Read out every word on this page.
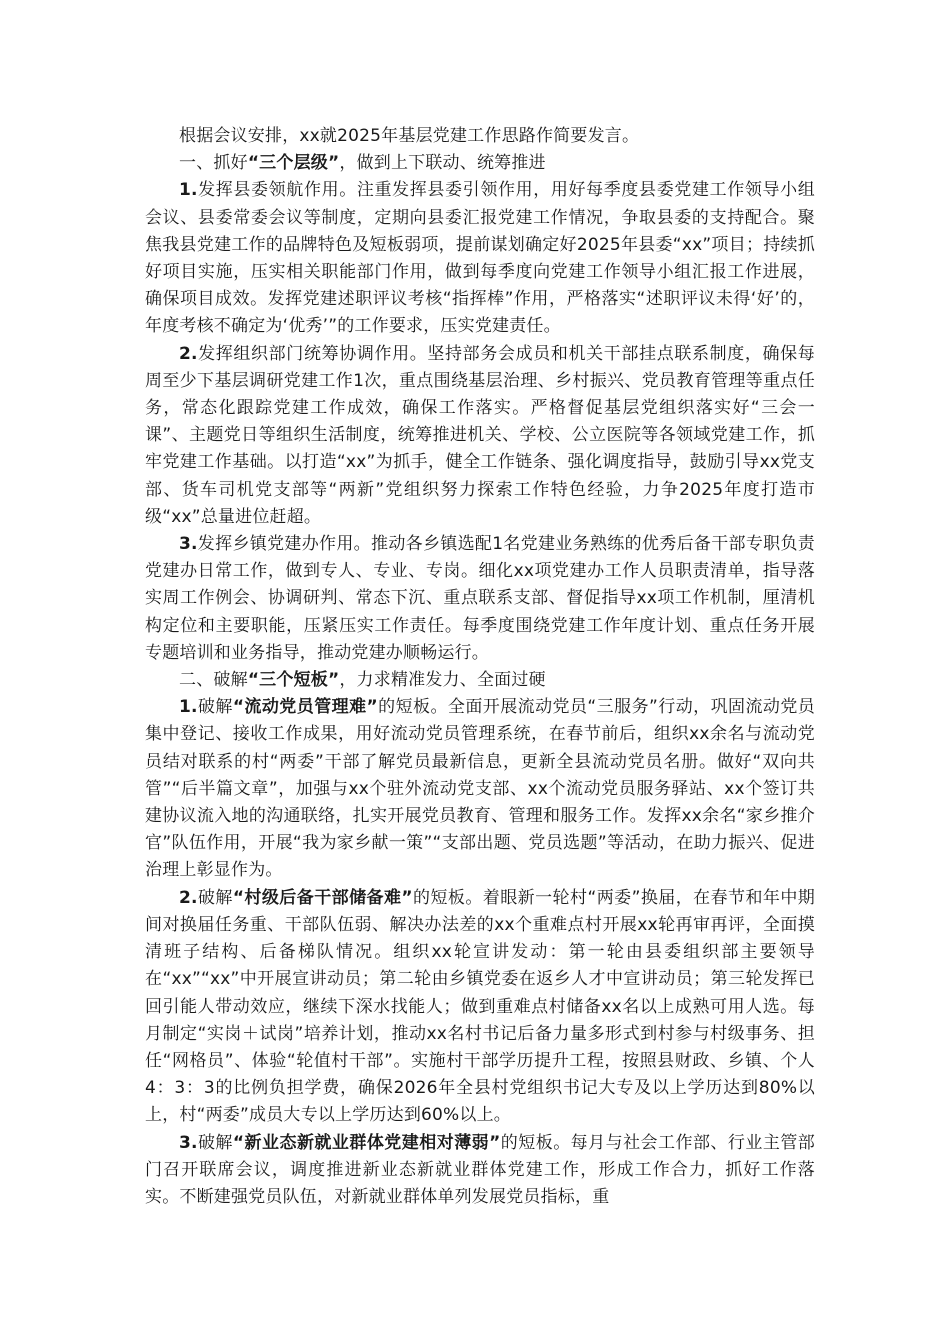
根据会议安排，xx就2025年基层党建工作思路作简要发言。

一、抓好“三个层级”，做到上下联动、统筹推进

1.发挥县委领航作用。注重发挥县委引领作用，用好每季度县委党建工作领导小组会议、县委常委会议等制度，定期向县委汇报党建工作情况，争取县委的支持配合。聚焦我县党建工作的品牌特色及短板弱项，提前谋划确定好2025年县委“xx”项目；持续抓好项目实施，压实相关职能部门作用，做到每季度向党建工作领导小组汇报工作进展，确保项目成效。发挥党建述职评议考核“指挥棒”作用，严格落实“述职评议未得‘好’的，年度考核不确定为‘优秀’”的工作要求，压实党建责任。

2.发挥组织部门统筹协调作用。坚持部务会成员和机关干部挂点联系制度，确保每周至少下基层调研党建工作1次，重点围绕基层治理、乡村振兴、党员教育管理等重点任务，常态化跟踪党建工作成效，确保工作落实。严格督促基层党组织落实好“三会一课”、主题党日等组织生活制度，统筹推进机关、学校、公立医院等各领域党建工作，抓牢党建工作基础。以打造“xx”为抓手，健全工作链条、强化调度指导，鼓励引导xx党支部、货车司机党支部等“两新”党组织努力探索工作特色经验，力争2025年度打造市级“xx”总量进位赶超。

3.发挥乡镇党建办作用。推动各乡镇选配1名党建业务熟练的优秀后备干部专职负责党建办日常工作，做到专人、专业、专岗。细化xx项党建办工作人员职责清单，指导落实周工作例会、协调研判、常态下沉、重点联系支部、督促指导xx项工作机制，厘清机构定位和主要职能，压紧压实工作责任。每季度围绕党建工作年度计划、重点任务开展专题培训和业务指导，推动党建办顺畅运行。

二、破解“三个短板”，力求精准发力、全面过硬

1.破解“流动党员管理难”的短板。全面开展流动党员“三服务”行动，巩固流动党员集中登记、接收工作成果，用好流动党员管理系统，在春节前后，组织xx余名与流动党员结对联系的村“两委”干部了解党员最新信息，更新全县流动党员名册。做好“双向共管”“后半篇文章”，加强与xx个驻外流动党支部、xx个流动党员服务驿站、xx个签订共建协议流入地的沟通联络，扎实开展党员教育、管理和服务工作。发挥xx余名“家乡推介官”队伍作用，开展“我为家乡献一策”“支部出题、党员选题”等活动，在助力振兴、促进治理上彰显作为。

2.破解“村级后备干部储备难”的短板。着眼新一轮村“两委”换届，在春节和年中期间对换届任务重、干部队伍弱、解决办法差的xx个重难点村开展xx轮再审再评，全面摸清班子结构、后备梯队情况。组织xx轮宣讲发动：第一轮由县委组织部主要领导在“xx”“xx”中开展宣讲动员；第二轮由乡镇党委在返乡人才中宣讲动员；第三轮发挥已回引能人带动效应，继续下深水找能人；做到重难点村储备xx名以上成熟可用人选。每月制定“实岗＋试岗”培养计划，推动xx名村书记后备力量多形式到村参与村级事务、担任“网格员”、体验“轮值村干部”。实施村干部学历提升工程，按照县财政、乡镇、个人4：3：3的比例负担学费，确保2026年全县村党组织书记大专及以上学历达到80%以上，村“两委”成员大专以上学历达到60%以上。

3.破解“新业态新就业群体党建相对薄弱”的短板。每月与社会工作部、行业主管部门召开联席会议，调度推进新业态新就业群体党建工作，形成工作合力，抓好工作落实。不断建强党员队伍，对新就业群体单列发展党员指标，重
